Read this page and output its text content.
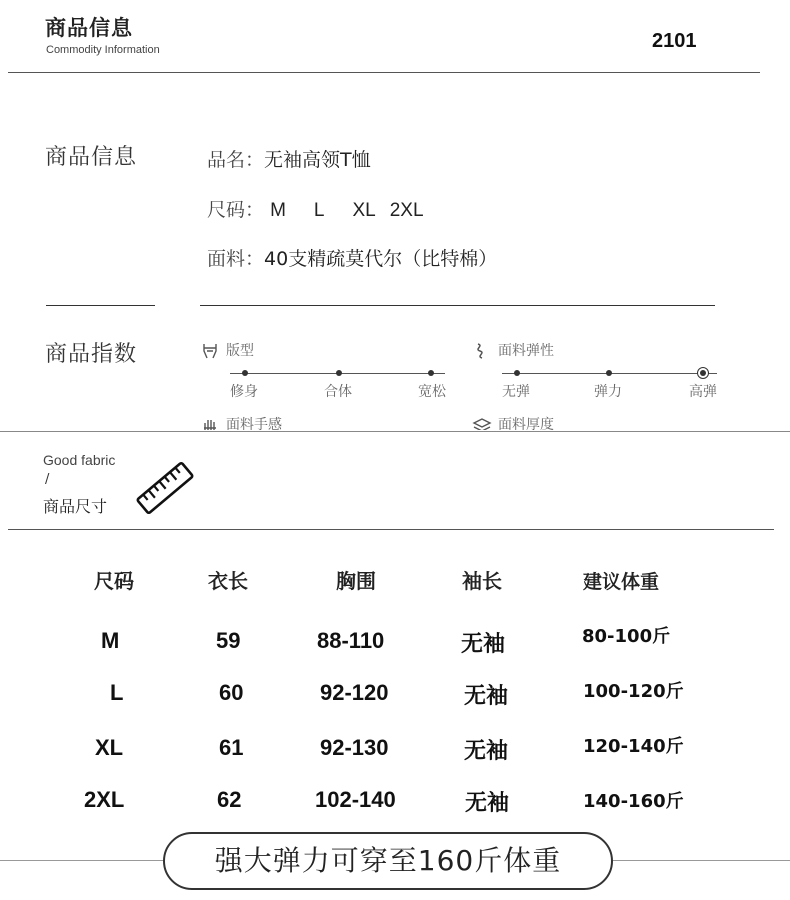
商品信息
Commodity Information	2101
商品信息	品名：无袖高领T恤
尺码： M L XL 2XL
面料：40支精疏莫代尔（比特棉）
商品指数	版型
修身	合体	宽松
面料弹性
无弹	弹力	高弹
面料手感	面料厚度
Good fabric
/
商品尺寸
尺码	衣长	胸围	袖长	建议体重
M	59	88-110	无袖	80-100斤
L	60	92-120	无袖	100-120斤
XL	61	92-130	无袖	120-140斤
2XL	62	102-140	无袖	140-160斤
强大弹力可穿至160斤体重
